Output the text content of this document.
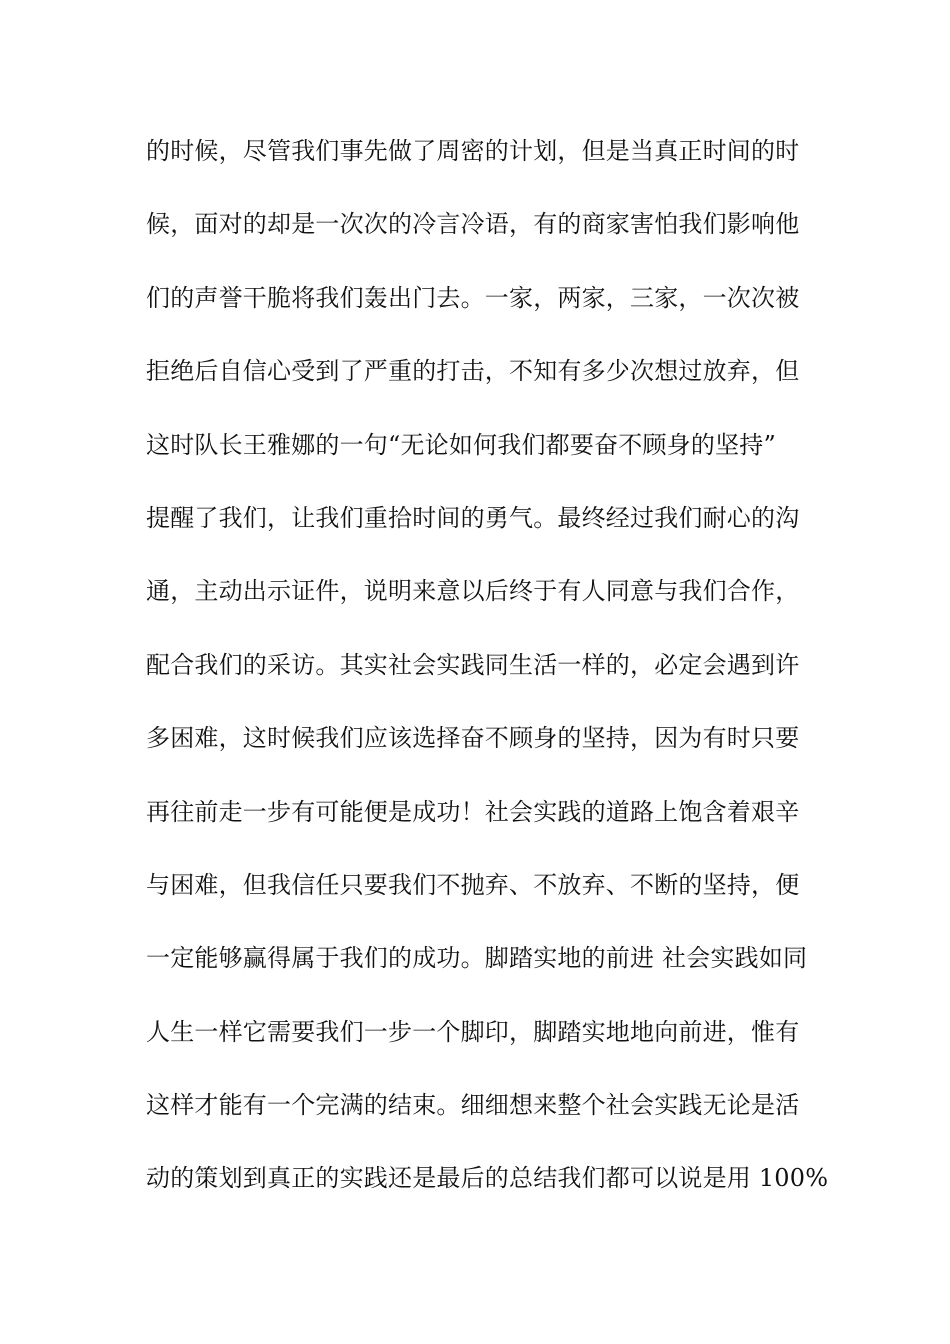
的时候，尽管我们事先做了周密的计划，但是当真正时间的时
候，面对的却是一次次的冷言冷语，有的商家害怕我们影响他
们的声誉干脆将我们轰出门去。一家，两家，三家，一次次被
拒绝后自信心受到了严重的打击，不知有多少次想过放弃，但
这时队长王雅娜的一句“无论如何我们都要奋不顾身的坚持”
提醒了我们，让我们重拾时间的勇气。最终经过我们耐心的沟
通，主动出示证件，说明来意以后终于有人同意与我们合作，
配合我们的采访。其实社会实践同生活一样的，必定会遇到许
多困难，这时候我们应该选择奋不顾身的坚持，因为有时只要
再往前走一步有可能便是成功！社会实践的道路上饱含着艰辛
与困难，但我信任只要我们不抛弃、不放弃、不断的坚持，便
一定能够赢得属于我们的成功。脚踏实地的前进 社会实践如同
人生一样它需要我们一步一个脚印，脚踏实地地向前进，惟有
这样才能有一个完满的结束。细细想来整个社会实践无论是活
动的策划到真正的实践还是最后的总结我们都可以说是用 100%
